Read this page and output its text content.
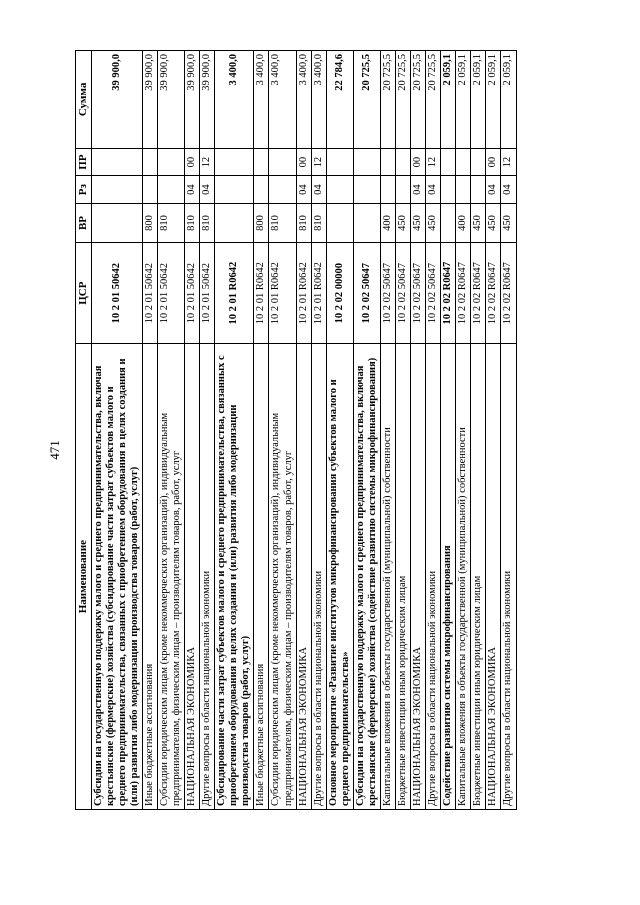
471
Наименование	ЦСР	ВР	Рз	ПР	Сумма
Субсидии на государственную поддержку малого и среднего предпринимательства, включая крестьянские (фермерские) хозяйства (субсидирование части затрат субъектов малого и среднего предпринимательства, связанных с приобретением оборудования в целях создания и (или) развития либо модернизации производства товаров (работ, услуг)	10 2 01 50642				39 900,0
Иные бюджетные ассигнования	10 2 01 50642	800			39 900,0
Субсидии юридическим лицам (кроме некоммерческих организаций), индивидуальным предпринимателям, физическим лицам – производителям товаров, работ, услуг	10 2 01 50642	810			39 900,0
НАЦИОНАЛЬНАЯ ЭКОНОМИКА	10 2 01 50642	810	04	00	39 900,0
Другие вопросы в области национальной экономики	10 2 01 50642	810	04	12	39 900,0
Субсидирование части затрат субъектов малого и среднего предпринимательства, связанных с приобретением оборудования в целях создания и (или) развития либо модернизации производства товаров (работ, услуг)	10 2 01 R0642				3 400,0
Иные бюджетные ассигнования	10 2 01 R0642	800			3 400,0
Субсидии юридическим лицам (кроме некоммерческих организаций), индивидуальным предпринимателям, физическим лицам – производителям товаров, работ, услуг	10 2 01 R0642	810			3 400,0
НАЦИОНАЛЬНАЯ ЭКОНОМИКА	10 2 01 R0642	810	04	00	3 400,0
Другие вопросы в области национальной экономики	10 2 01 R0642	810	04	12	3 400,0
Основное мероприятие «Развитие институтов микрофинансирования субъектов малого и среднего предпринимательства»	10 2 02 00000				22 784,6
Субсидии на государственную поддержку малого и среднего предпринимательства, включая крестьянские (фермерские) хозяйства (содействие развитию системы микрофинансирования)	10 2 02 50647				20 725,5
Капитальные вложения в объекты государственной (муниципальной) собственности	10 2 02 50647	400			20 725,5
Бюджетные инвестиции иным юридическим лицам	10 2 02 50647	450			20 725,5
НАЦИОНАЛЬНАЯ ЭКОНОМИКА	10 2 02 50647	450	04	00	20 725,5
Другие вопросы в области национальной экономики	10 2 02 50647	450	04	12	20 725,5
Содействие развитию системы микрофинансирования	10 2 02 R0647				2 059,1
Капитальные вложения в объекты государственной (муниципальной) собственности	10 2 02 R0647	400			2 059,1
Бюджетные инвестиции иным юридическим лицам	10 2 02 R0647	450			2 059,1
НАЦИОНАЛЬНАЯ ЭКОНОМИКА	10 2 02 R0647	450	04	00	2 059,1
Другие вопросы в области национальной экономики	10 2 02 R0647	450	04	12	2 059,1
